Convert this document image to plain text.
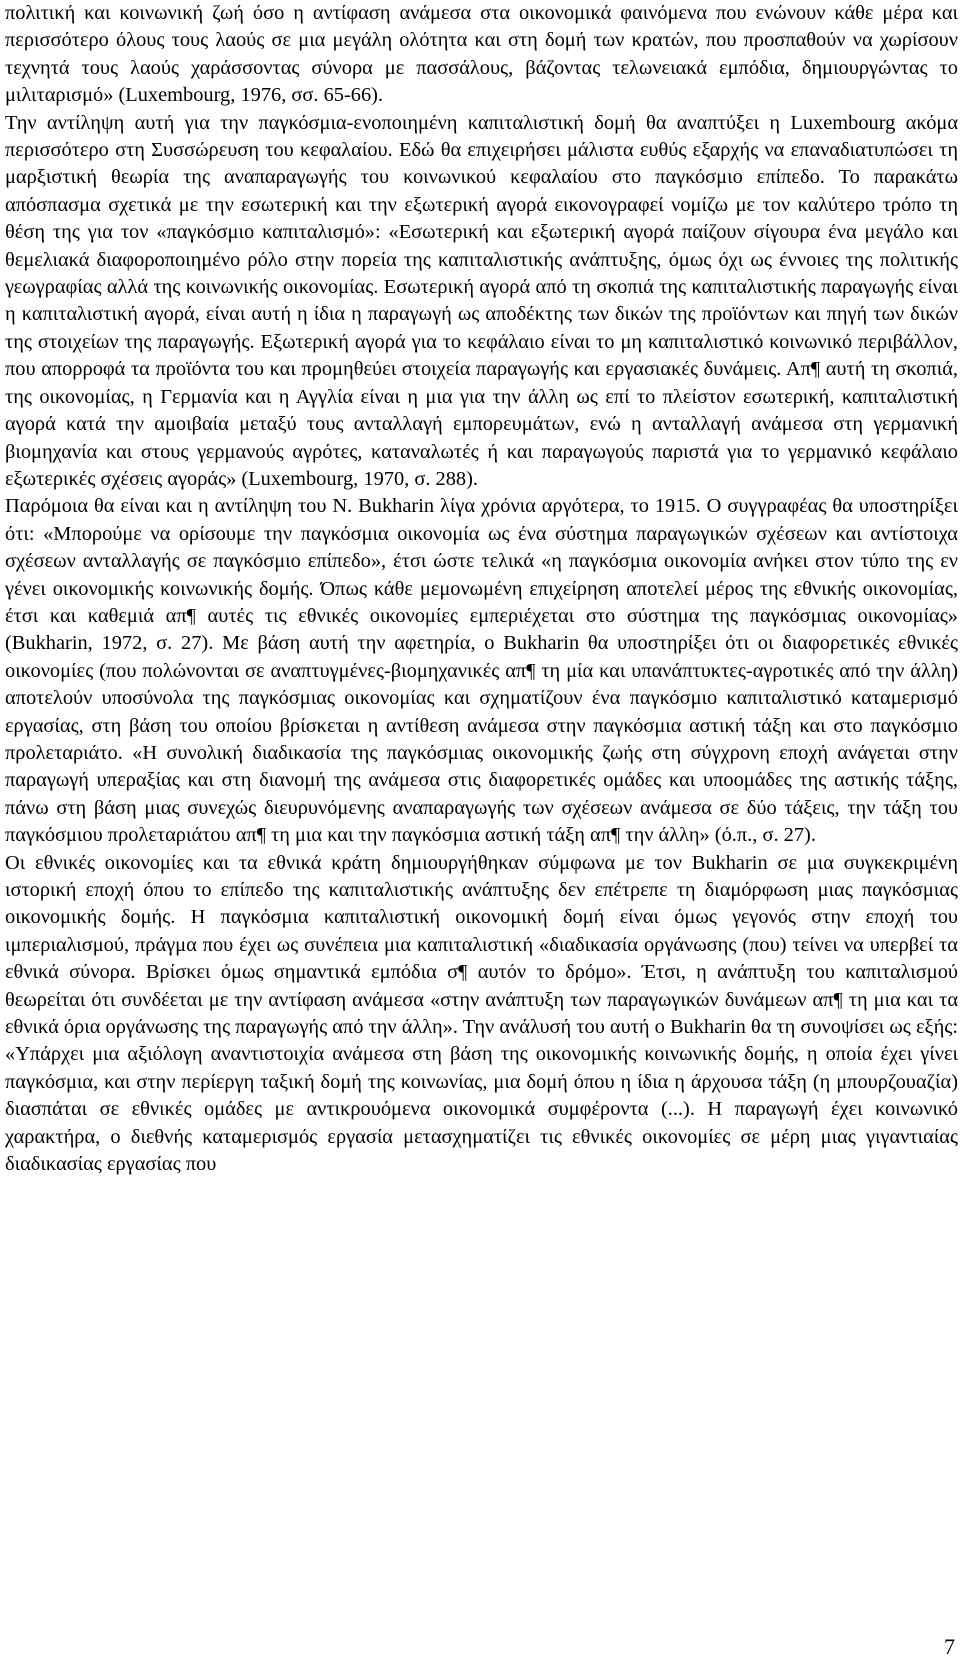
πολιτική και κοινωνική ζωή όσο η αντίφαση ανάμεσα στα οικονομικά φαινόμενα που ενώνουν κάθε μέρα και περισσότερο όλους τους λαούς σε μια μεγάλη ολότητα και στη δομή των κρατών, που προσπαθούν να χωρίσουν τεχνητά τους λαούς χαράσσοντας σύνορα με πασσάλους, βάζοντας τελωνειακά εμπόδια, δημιουργώντας το μιλιταρισμό» (Luxembourg, 1976, σσ. 65-66).

Την αντίληψη αυτή για την παγκόσμια-ενοποιημένη καπιταλιστική δομή θα αναπτύξει η Luxembourg ακόμα περισσότερο στη Συσσώρευση του κεφαλαίου. Εδώ θα επιχειρήσει μάλιστα ευθύς εξαρχής να επαναδιατυπώσει τη μαρξιστική θεωρία της αναπαραγωγής του κοινωνικού κεφαλαίου στο παγκόσμιο επίπεδο. Το παρακάτω απόσπασμα σχετικά με την εσωτερική και την εξωτερική αγορά εικονογραφεί νομίζω με τον καλύτερο τρόπο τη θέση της για τον «παγκόσμιο καπιταλισμό»: «Εσωτερική και εξωτερική αγορά παίζουν σίγουρα ένα μεγάλο και θεμελιακά διαφοροποιημένο ρόλο στην πορεία της καπιταλιστικής ανάπτυξης, όμως όχι ως έννοιες της πολιτικής γεωγραφίας αλλά της κοινωνικής οικονομίας. Εσωτερική αγορά από τη σκοπιά της καπιταλιστικής παραγωγής είναι η καπιταλιστική αγορά, είναι αυτή η ίδια η παραγωγή ως αποδέκτης των δικών της προϊόντων και πηγή των δικών της στοιχείων της παραγωγής. Εξωτερική αγορά για το κεφάλαιο είναι το μη καπιταλιστικό κοινωνικό περιβάλλον, που απορροφά τα προϊόντα του και προμηθεύει στοιχεία παραγωγής και εργασιακές δυνάμεις. Απ¶ αυτή τη σκοπιά, της οικονομίας, η Γερμανία και η Αγγλία είναι η μια για την άλλη ως επί το πλείστον εσωτερική, καπιταλιστική αγορά κατά την αμοιβαία μεταξύ τους ανταλλαγή εμπορευμάτων, ενώ η ανταλλαγή ανάμεσα στη γερμανική βιομηχανία και στους γερμανούς αγρότες, καταναλωτές ή και παραγωγούς παριστά για το γερμανικό κεφάλαιο εξωτερικές σχέσεις αγοράς» (Luxembourg, 1970, σ. 288).

Παρόμοια θα είναι και η αντίληψη του N. Bukharin λίγα χρόνια αργότερα, το 1915. Ο συγγραφέας θα υποστηρίξει ότι: «Μπορούμε να ορίσουμε την παγκόσμια οικονομία ως ένα σύστημα παραγωγικών σχέσεων και αντίστοιχα σχέσεων ανταλλαγής σε παγκόσμιο επίπεδο», έτσι ώστε τελικά «η παγκόσμια οικονομία ανήκει στον τύπο της εν γένει οικονομικής κοινωνικής δομής. Όπως κάθε μεμονωμένη επιχείρηση αποτελεί μέρος της εθνικής οικονομίας, έτσι και καθεμιά απ¶ αυτές τις εθνικές οικονομίες εμπεριέχεται στο σύστημα της παγκόσμιας οικονομίας» (Bukharin, 1972, σ. 27). Με βάση αυτή την αφετηρία, ο Bukharin θα υποστηρίξει ότι οι διαφορετικές εθνικές οικονομίες (που πολώνονται σε αναπτυγμένες-βιομηχανικές απ¶ τη μία και υπανάπτυκτες-αγροτικές από την άλλη) αποτελούν υποσύνολα της παγκόσμιας οικονομίας και σχηματίζουν ένα παγκόσμιο καπιταλιστικό καταμερισμό εργασίας, στη βάση του οποίου βρίσκεται η αντίθεση ανάμεσα στην παγκόσμια αστική τάξη και στο παγκόσμιο προλεταριάτο. «Η συνολική διαδικασία της παγκόσμιας οικονομικής ζωής στη σύγχρονη εποχή ανάγεται στην παραγωγή υπεραξίας και στη διανομή της ανάμεσα στις διαφορετικές ομάδες και υποομάδες της αστικής τάξης, πάνω στη βάση μιας συνεχώς διευρυνόμενης αναπαραγωγής των σχέσεων ανάμεσα σε δύο τάξεις, την τάξη του παγκόσμιου προλεταριάτου απ¶ τη μια και την παγκόσμια αστική τάξη απ¶ την άλλη» (ό.π., σ. 27).

Οι εθνικές οικονομίες και τα εθνικά κράτη δημιουργήθηκαν σύμφωνα με τον Bukharin σε μια συγκεκριμένη ιστορική εποχή όπου το επίπεδο της καπιταλιστικής ανάπτυξης δεν επέτρεπε τη διαμόρφωση μιας παγκόσμιας οικονομικής δομής. Η παγκόσμια καπιταλιστική οικονομική δομή είναι όμως γεγονός στην εποχή του ιμπεριαλισμού, πράγμα που έχει ως συνέπεια μια καπιταλιστική «διαδικασία οργάνωσης (που) τείνει να υπερβεί τα εθνικά σύνορα. Βρίσκει όμως σημαντικά εμπόδια σ¶ αυτόν το δρόμο». Έτσι, η ανάπτυξη του καπιταλισμού θεωρείται ότι συνδέεται με την αντίφαση ανάμεσα «στην ανάπτυξη των παραγωγικών δυνάμεων απ¶ τη μια και τα εθνικά όρια οργάνωσης της παραγωγής από την άλλη». Την ανάλυσή του αυτή ο Bukharin θα τη συνοψίσει ως εξής: «Υπάρχει μια αξιόλογη αναντιστοιχία ανάμεσα στη βάση της οικονομικής κοινωνικής δομής, η οποία έχει γίνει παγκόσμια, και στην περίεργη ταξική δομή της κοινωνίας, μια δομή όπου η ίδια η άρχουσα τάξη (η μπουρζουαζία) διασπάται σε εθνικές ομάδες με αντικρουόμενα οικονομικά συμφέροντα (...). Η παραγωγή έχει κοινωνικό χαρακτήρα, ο διεθνής καταμερισμός εργασία μετασχηματίζει τις εθνικές οικονομίες σε μέρη μιας γιγαντιαίας διαδικασίας εργασίας που

7
